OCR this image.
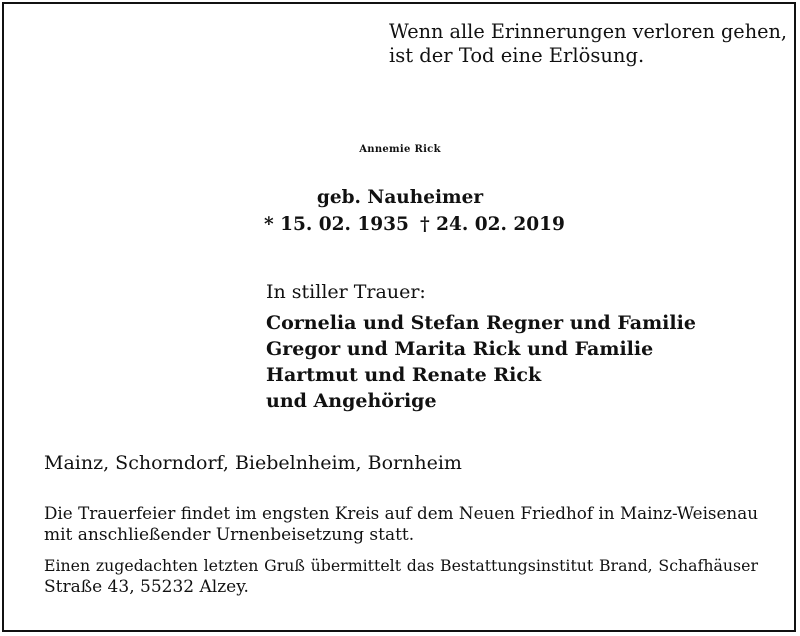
Wenn alle Erinnerungen verloren gehen,
ist der Tod eine Erlösung.
Annemie Rick
geb. Nauheimer
* 15. 02. 1935 † 24. 02. 2019
In stiller Trauer:
Cornelia und Stefan Regner und Familie
Gregor und Marita Rick und Familie
Hartmut und Renate Rick
und Angehörige
Mainz, Schorndorf, Biebelnheim, Bornheim
Die Trauerfeier findet im engsten Kreis auf dem Neuen Friedhof in Mainz-Weisenau
mit anschließender Urnenbeisetzung statt.
Einen zugedachten letzten Gruß übermittelt das Bestattungsinstitut Brand, Schafhäuser
Straße 43, 55232 Alzey.
